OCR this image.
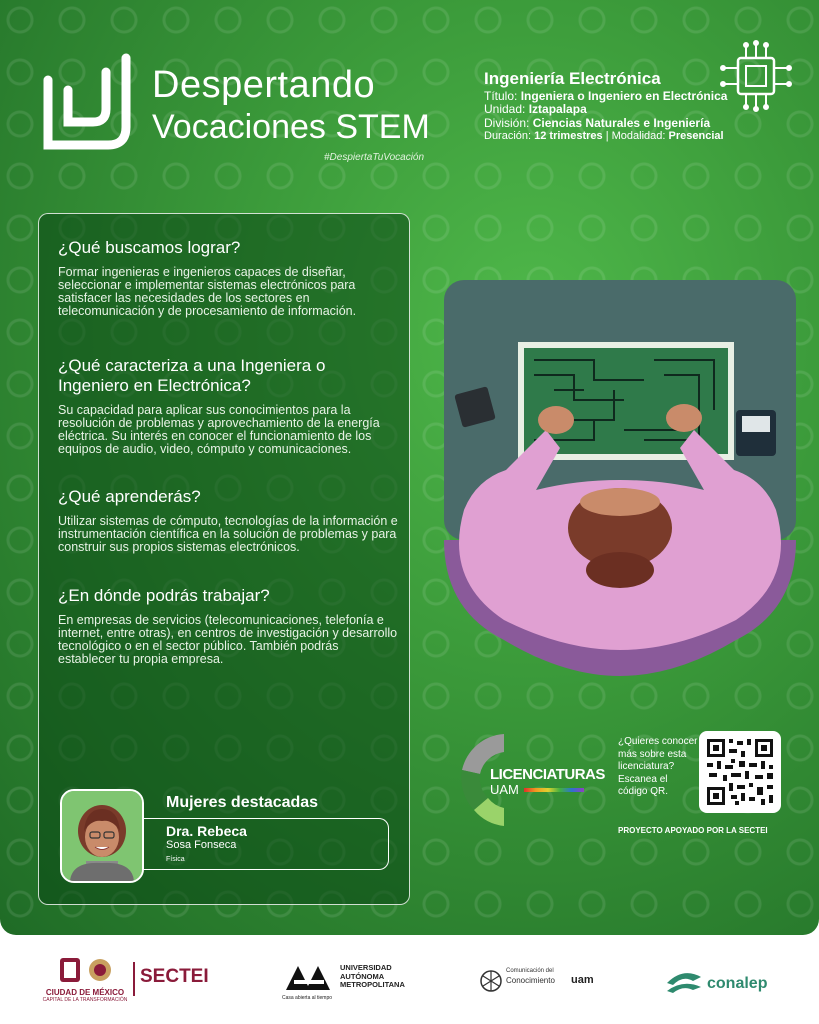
Despertando
Vocaciones STEM
#DespiertaTuVocación
Ingeniería Electrónica
Título: Ingeniera o Ingeniero en Electrónica
Unidad: Iztapalapa
División: Ciencias Naturales e Ingeniería
Duración: 12 trimestres | Modalidad: Presencial
¿Qué buscamos lograr?

Formar ingenieras e ingenieros capaces de diseñar, seleccionar e implementar sistemas electrónicos para satisfacer las necesidades de los sectores en telecomunicación y de procesamiento de información.

¿Qué caracteriza a una Ingeniera o Ingeniero en Electrónica?

Su capacidad para aplicar sus conocimientos para la resolución de problemas y aprovechamiento de la energía eléctrica. Su interés en conocer el funcionamiento de los equipos de audio, video, cómputo y comunicaciones.

¿Qué aprenderás?

Utilizar sistemas de cómputo, tecnologías de la información e instrumentación científica en la solución de problemas y para construir sus propios sistemas electrónicos.

¿En dónde podrás trabajar?

En empresas de servicios (telecomunicaciones, telefonía e internet, entre otras), en centros de investigación y desarrollo tecnológico o en el sector público. También podrás establecer tu propia empresa.

Mujeres destacadas
Dra. Rebeca
Sosa Fonseca
Física
LICENCIATURAS
UAM
¿Quieres conocer más sobre esta licenciatura? Escanea el código QR.
PROYECTO APOYADO POR LA SECTEI
CIUDAD DE MÉXICO
CAPITAL DE LA TRANSFORMACIÓN
SECTEI	UNIVERSIDAD
AUTÓNOMA
METROPOLITANA
Casa abierta al tiempo
Comunicación del
Conocimiento uam	conalep
